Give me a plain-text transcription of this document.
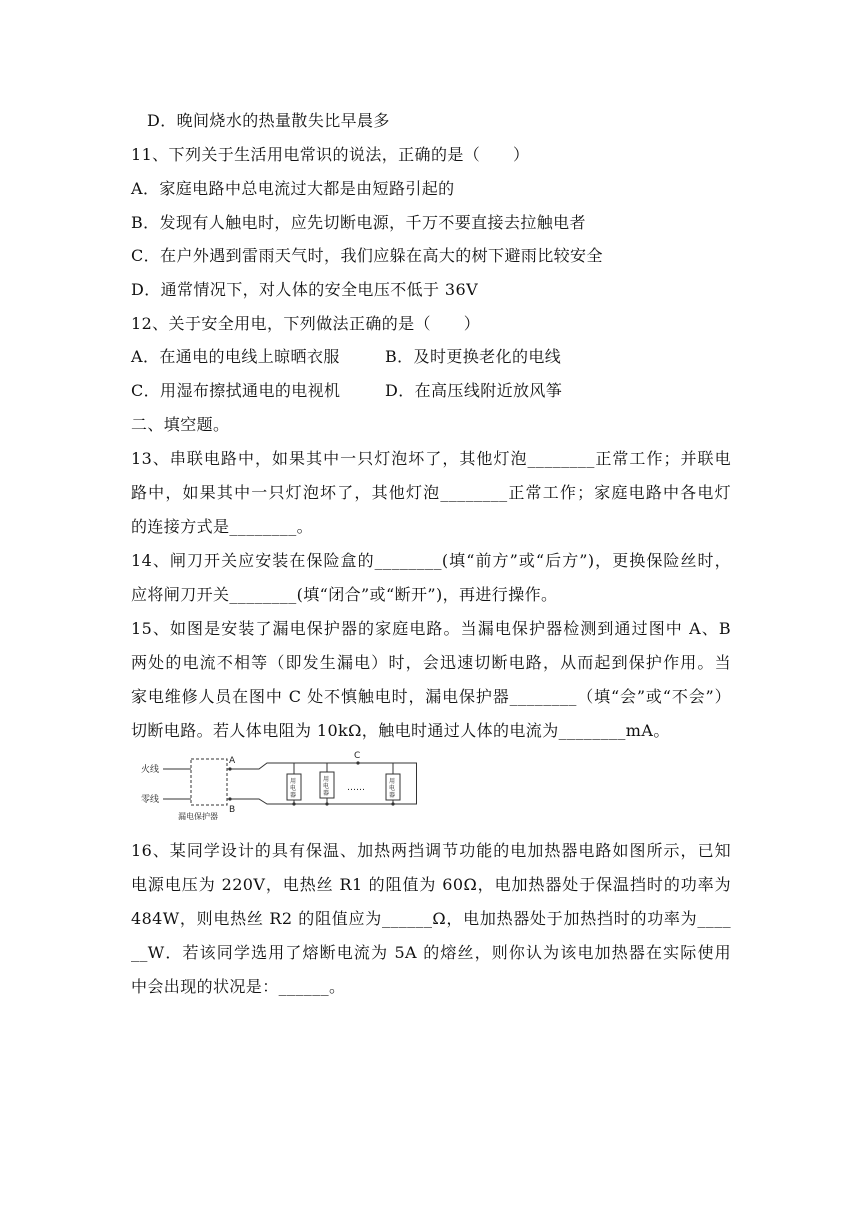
D．晚间烧水的热量散失比早晨多
11、下列关于生活用电常识的说法，正确的是（　　）
A．家庭电路中总电流过大都是由短路引起的
B．发现有人触电时，应先切断电源，千万不要直接去拉触电者
C．在户外遇到雷雨天气时，我们应躲在高大的树下避雨比较安全
D．通常情况下，对人体的安全电压不低于 36V
12、关于安全用电，下列做法正确的是（　　）
A．在通电的电线上晾晒衣服	B．及时更换老化的电线
C．用湿布擦拭通电的电视机	D．在高压线附近放风筝
二、填空题。
13、串联电路中，如果其中一只灯泡坏了，其他灯泡________正常工作；并联电
路中，如果其中一只灯泡坏了，其他灯泡________正常工作；家庭电路中各电灯
的连接方式是________。
14、闸刀开关应安装在保险盒的________(填“前方”或“后方”)，更换保险丝时，
应将闸刀开关________(填“闭合”或“断开”)，再进行操作。
15、如图是安装了漏电保护器的家庭电路。当漏电保护器检测到通过图中 A、B
两处的电流不相等（即发生漏电）时，会迅速切断电路，从而起到保护作用。当
家电维修人员在图中 C 处不慎触电时，漏电保护器________（填“会”或“不会”）
切断电路。若人体电阻为 10kΩ，触电时通过人体的电流为________mA。
火线
零线
漏电保护器
A
B
C
用
电
器
用
电
器
……
用
电
器
16、某同学设计的具有保温、加热两挡调节功能的电加热器电路如图所示，已知
电源电压为 220V，电热丝 R1 的阻值为 60Ω，电加热器处于保温挡时的功率为
484W，则电热丝 R2 的阻值应为______Ω，电加热器处于加热挡时的功率为____
__W．若该同学选用了熔断电流为 5A 的熔丝，则你认为该电加热器在实际使用
中会出现的状况是：______。
